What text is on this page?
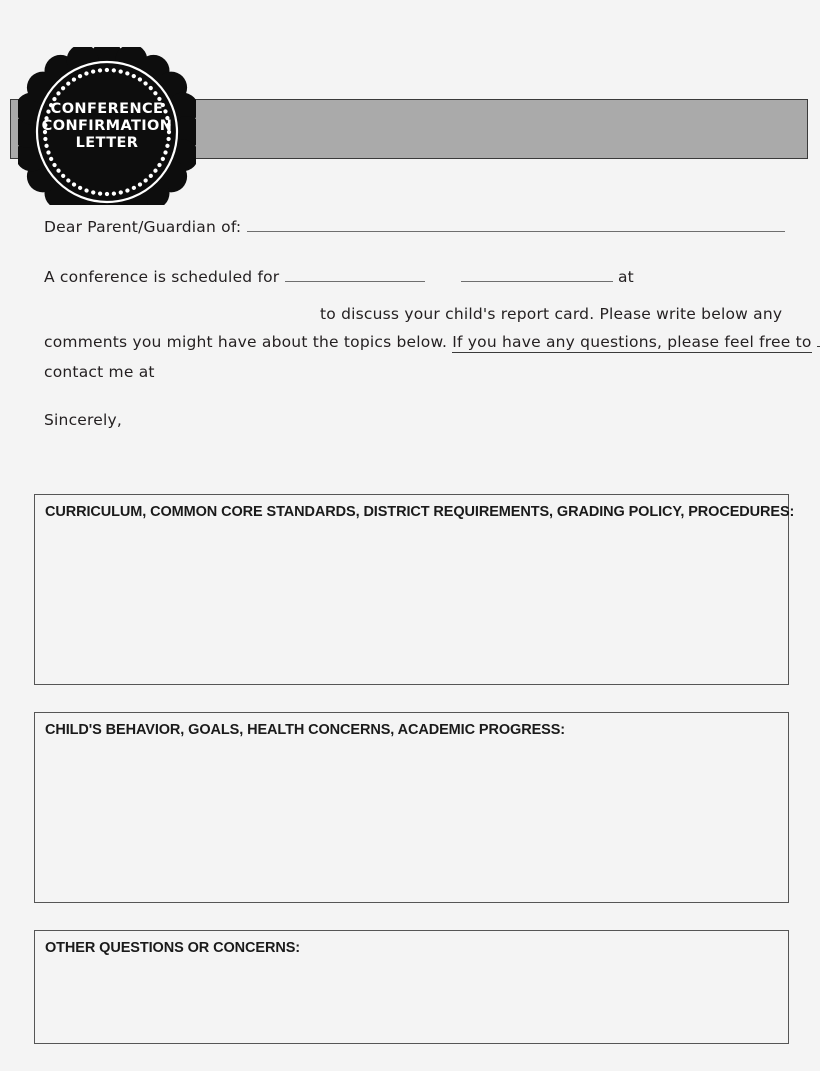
CONFERENCE
CONFIRMATION
LETTER
Dear Parent/Guardian of:
A conference is scheduled for	at
to discuss your child's report card. Please write below any
comments you might have about the topics below. If you have any questions, please feel free to
contact me at
Sincerely,
CURRICULUM, COMMON CORE STANDARDS, DISTRICT REQUIREMENTS, GRADING POLICY, PROCEDURES:
CHILD'S BEHAVIOR, GOALS, HEALTH CONCERNS, ACADEMIC PROGRESS:
OTHER QUESTIONS OR CONCERNS:
